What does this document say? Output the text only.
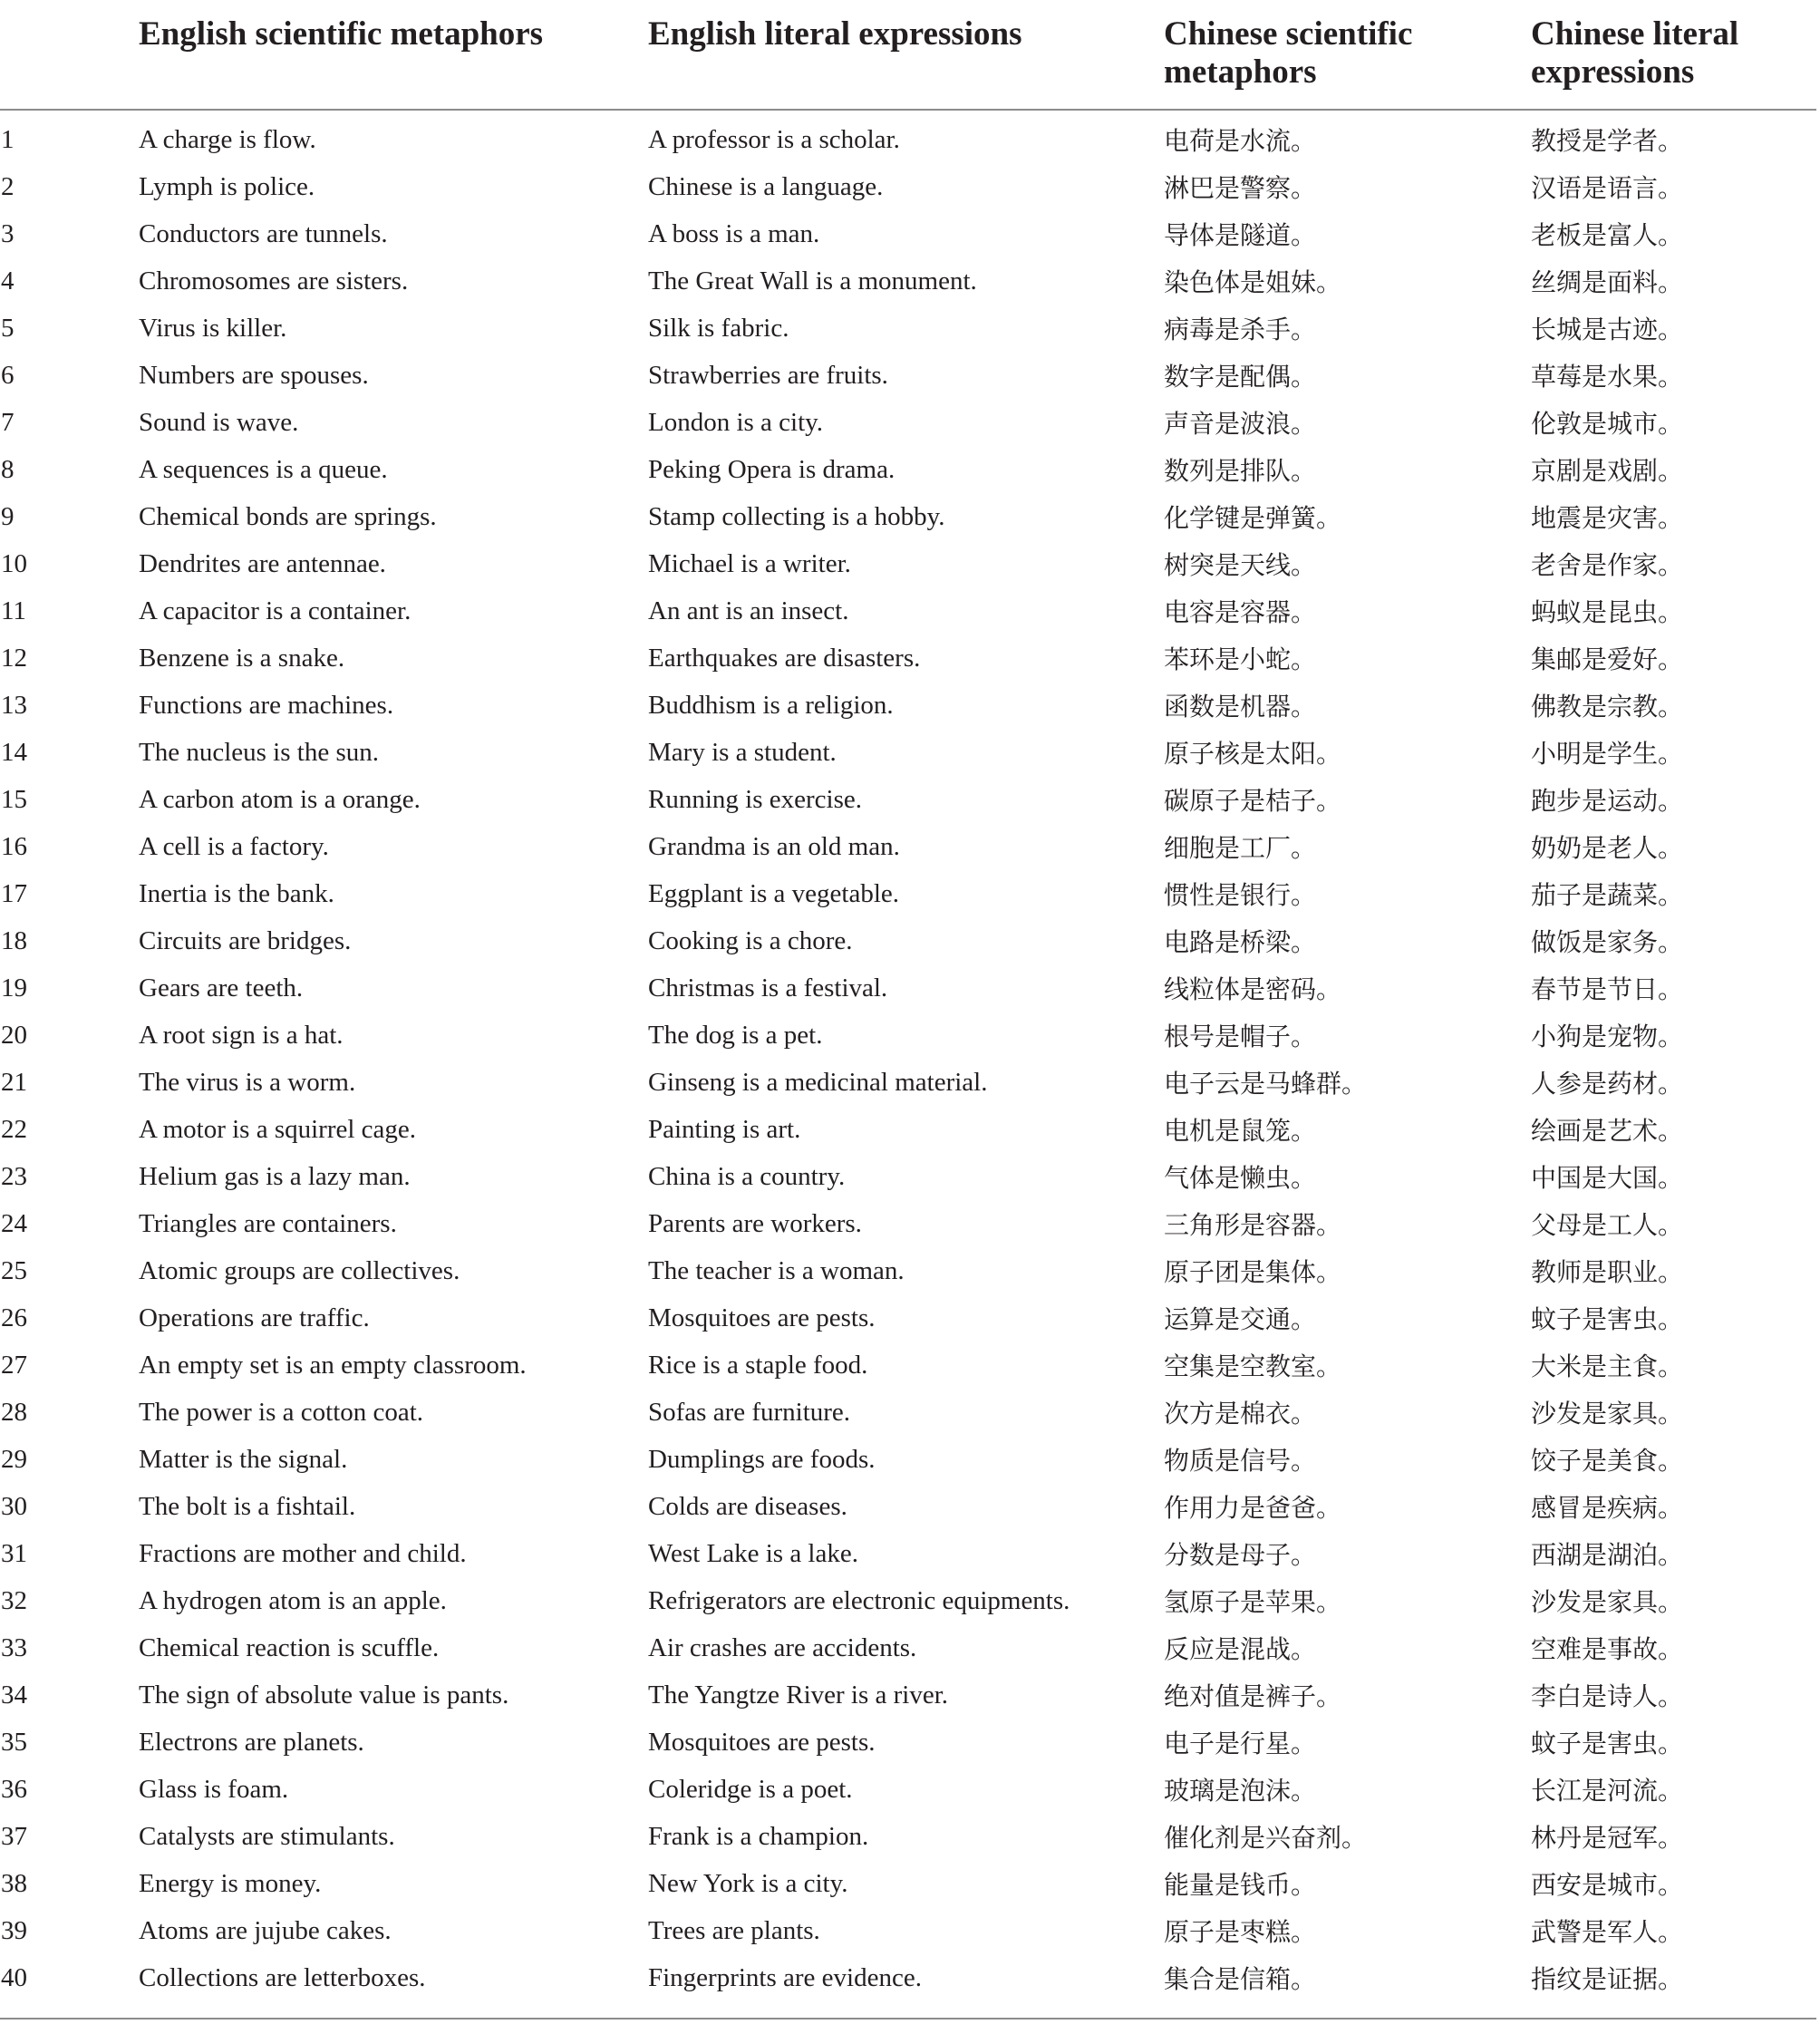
	English scientific metaphors	English literal expressions	Chinese scientific metaphors	Chinese literal expressions
1	A charge is flow.	A professor is a scholar.	电荷是水流。	教授是学者。
2	Lymph is police.	Chinese is a language.	淋巴是警察。	汉语是语言。
3	Conductors are tunnels.	A boss is a man.	导体是隧道。	老板是富人。
4	Chromosomes are sisters.	The Great Wall is a monument.	染色体是姐妹。	丝绸是面料。
5	Virus is killer.	Silk is fabric.	病毒是杀手。	长城是古迹。
6	Numbers are spouses.	Strawberries are fruits.	数字是配偶。	草莓是水果。
7	Sound is wave.	London is a city.	声音是波浪。	伦敦是城市。
8	A sequences is a queue.	Peking Opera is drama.	数列是排队。	京剧是戏剧。
9	Chemical bonds are springs.	Stamp collecting is a hobby.	化学键是弹簧。	地震是灾害。
10	Dendrites are antennae.	Michael is a writer.	树突是天线。	老舍是作家。
11	A capacitor is a container.	An ant is an insect.	电容是容器。	蚂蚁是昆虫。
12	Benzene is a snake.	Earthquakes are disasters.	苯环是小蛇。	集邮是爱好。
13	Functions are machines.	Buddhism is a religion.	函数是机器。	佛教是宗教。
14	The nucleus is the sun.	Mary is a student.	原子核是太阳。	小明是学生。
15	A carbon atom is a orange.	Running is exercise.	碳原子是桔子。	跑步是运动。
16	A cell is a factory.	Grandma is an old man.	细胞是工厂。	奶奶是老人。
17	Inertia is the bank.	Eggplant is a vegetable.	惯性是银行。	茄子是蔬菜。
18	Circuits are bridges.	Cooking is a chore.	电路是桥梁。	做饭是家务。
19	Gears are teeth.	Christmas is a festival.	线粒体是密码。	春节是节日。
20	A root sign is a hat.	The dog is a pet.	根号是帽子。	小狗是宠物。
21	The virus is a worm.	Ginseng is a medicinal material.	电子云是马蜂群。	人参是药材。
22	A motor is a squirrel cage.	Painting is art.	电机是鼠笼。	绘画是艺术。
23	Helium gas is a lazy man.	China is a country.	气体是懒虫。	中国是大国。
24	Triangles are containers.	Parents are workers.	三角形是容器。	父母是工人。
25	Atomic groups are collectives.	The teacher is a woman.	原子团是集体。	教师是职业。
26	Operations are traffic.	Mosquitoes are pests.	运算是交通。	蚊子是害虫。
27	An empty set is an empty classroom.	Rice is a staple food.	空集是空教室。	大米是主食。
28	The power is a cotton coat.	Sofas are furniture.	次方是棉衣。	沙发是家具。
29	Matter is the signal.	Dumplings are foods.	物质是信号。	饺子是美食。
30	The bolt is a fishtail.	Colds are diseases.	作用力是爸爸。	感冒是疾病。
31	Fractions are mother and child.	West Lake is a lake.	分数是母子。	西湖是湖泊。
32	A hydrogen atom is an apple.	Refrigerators are electronic equipments.	氢原子是苹果。	沙发是家具。
33	Chemical reaction is scuffle.	Air crashes are accidents.	反应是混战。	空难是事故。
34	The sign of absolute value is pants.	The Yangtze River is a river.	绝对值是裤子。	李白是诗人。
35	Electrons are planets.	Mosquitoes are pests.	电子是行星。	蚊子是害虫。
36	Glass is foam.	Coleridge is a poet.	玻璃是泡沫。	长江是河流。
37	Catalysts are stimulants.	Frank is a champion.	催化剂是兴奋剂。	林丹是冠军。
38	Energy is money.	New York is a city.	能量是钱币。	西安是城市。
39	Atoms are jujube cakes.	Trees are plants.	原子是枣糕。	武警是军人。
40	Collections are letterboxes.	Fingerprints are evidence.	集合是信箱。	指纹是证据。
